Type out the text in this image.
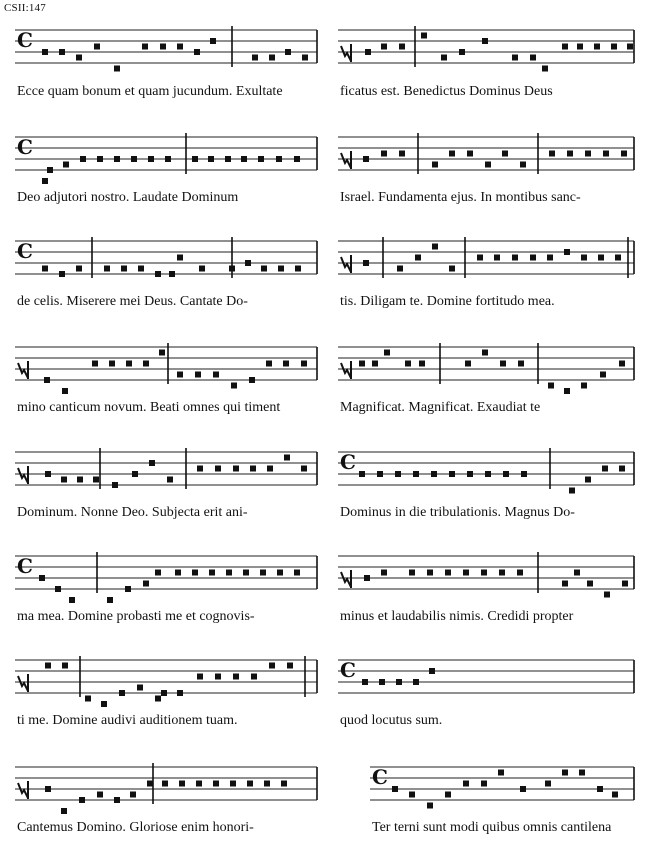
CSII:147
C
Ecce quam bonum et quam jucundum. Exultate
C
Deo adjutori nostro. Laudate Dominum
C
de celis. Miserere mei Deus. Cantate Do-
mino canticum novum. Beati omnes qui timent
Dominum. Nonne Deo. Subjecta erit ani-
C
ma mea. Domine probasti me et cognovis-
ti me. Domine audivi auditionem tuam.
Cantemus Domino. Gloriose enim honori-
ficatus est. Benedictus Dominus Deus
Israel. Fundamenta ejus. In montibus sanc-
tis. Diligam te. Domine fortitudo mea.
Magnificat. Magnificat. Exaudiat te
C
Dominus in die tribulationis. Magnus Do-
minus et laudabilis nimis. Credidi propter
C
quod locutus sum.
C
Ter terni sunt modi quibus omnis cantilena
